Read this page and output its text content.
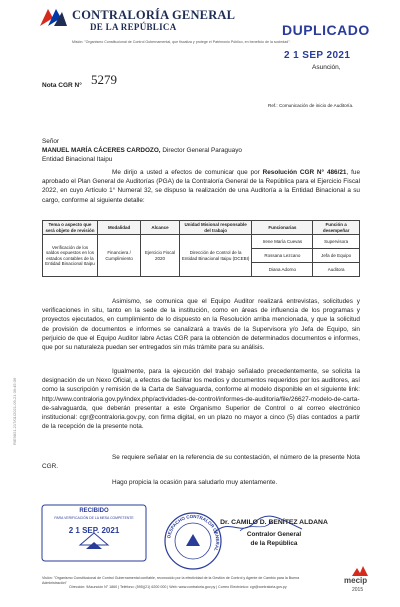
CONTRALORÍA GENERAL
DE LA REPÚBLICA
Misión: "Organismo Constitucional de Control Gubernamental, que fiscaliza y protege el Patrimonio Público, en beneficio de la sociedad".
DUPLICADO
2 1 SEP 2021
Asunción,
Nota CGR N° 5279
Ref.: Comunicación de inicio de Auditoría.
Señor
MANUEL MARÍA CÁCERES CARDOZO, Director General Paraguayo
Entidad Binacional Itaipu
Me dirijo a usted a efectos de comunicar que por Resolución CGR N° 486/21, fue aprobado el Plan General de Auditorías (PGA) de la Contraloría General de la República para el Ejercicio Fiscal 2022, en cuyo Artículo 1° Numeral 32, se dispuso la realización de una Auditoría a la Entidad Binacional a su cargo, conforme al siguiente detalle:
Tema o aspecto que será objeto de revisión	Modalidad	Alcance	Unidad Misional responsable del trabajo	Funcionarias	Función a desempeñar
Verificación de los saldos expuestos en los estados contables de la Entidad Binacional Itaipu	Financiera / Cumplimiento	Ejercicio Fiscal 2020	Dirección de Control de la Entidad Binacional Itaipu (DCEBI)	Irene María Cuevas	Supervisora
				Rossana Lezcano	Jefa de Equipo
				Diana Adorno	Auditora
Asimismo, se comunica que el Equipo Auditor realizará entrevistas, solicitudes y verificaciones in situ, tanto en la sede de la institución, como en áreas de influencia de los programas y proyectos ejecutados, en cumplimiento de lo dispuesto en la Resolución arriba mencionada, y que la solicitud de provisión de documentos e informes se canalizará a través de la Supervisora y/o Jefa de Equipo, sin perjuicio de que el Equipo Auditor labre Actas CGR para la obtención de determinados documentos e informes, que por su naturaleza puedan ser entregados sin más trámite para su análisis.
Igualmente, para la ejecución del trabajo señalado precedentemente, se solicita la designación de un Nexo Oficial, a efectos de facilitar los medios y documentos requeridos por los auditores, así como la suscripción y remisión de la Carta de Salvaguarda, conforme al modelo disponible en el siguiente link: http://www.contraloria.gov.py/index.php/actividades-de-control/informes-de-auditoria/file/26627-modelo-de-carta-de-salvaguarda, que deberán presentar a este Organismo Superior de Control o al correo electrónico institucional: cgr@contraloria.gov.py, con firma digital, en un plazo no mayor a cinco (5) días contados a partir de la recepción de la presente nota.
Se requiere señalar en la referencia de su contestación, el número de la presente Nota CGR.
Hago propicia la ocasión para saludarlo muy atentamente.
RECIBIDO
PARA VERIFICACIÓN DE LA MESA COMPETENTE
2 1 SEP. 2021
DESPACHO CONTRALOR GENERAL
Dr. CAMILO D. BENÍTEZ ALDANA
Contralor General
de la República
R/E9821.217/01/2021-09-21 09:45:36
Visión: "Organismo Constitucional de Control Gubernamental confiable, reconocido por la efectividad de la Gestión de Control y Agente de Cambio para la Buena Administración"
Dirección: 9Asunción N° 1860 | Teléfono: (595)(21) 6200 000 | Web: www.contraloria.gov.py | Correo Electrónico: cgr@contraloria.gov.py
mecip
2015
